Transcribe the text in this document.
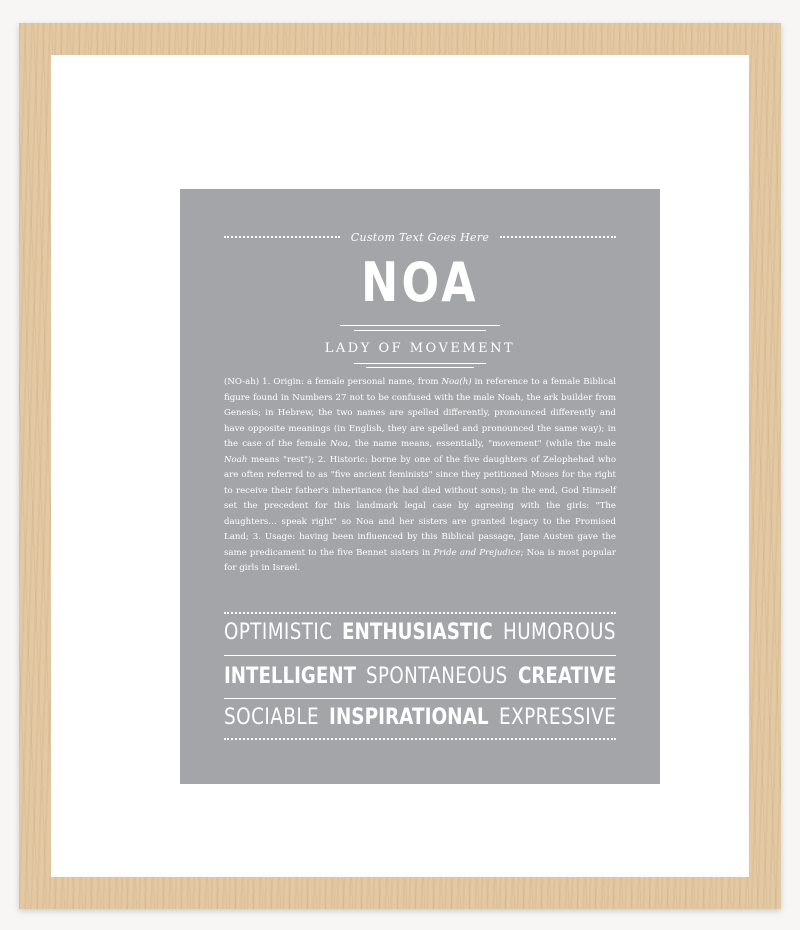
Custom Text Goes Here
NOA
LADY OF MOVEMENT
(NO-ah) 1. Origin: a female personal name, from Noa(h) in reference to a female Biblical figure found in Numbers 27 not to be confused with the male Noah, the ark builder from Genesis; in Hebrew, the two names are spelled differently, pronounced differently and have opposite meanings (in English, they are spelled and pronounced the same way); in the case of the female Noa, the name means, essentially, "movement" (while the male Noah means "rest"); 2. Historic: borne by one of the five daughters of Zelophehad who are often referred to as "five ancient feminists" since they petitioned Moses for the right to receive their father's inheritance (he had died without sons); in the end, God Himself set the precedent for this landmark legal case by agreeing with the girls: "The daughters… speak right" so Noa and her sisters are granted legacy to the Promised Land; 3. Usage: having been influenced by this Biblical passage, Jane Austen gave the same predicament to the five Bennet sisters in Pride and Prejudice; Noa is most popular for girls in Israel.
OPTIMISTIC ENTHUSIASTIC HUMOROUS
INTELLIGENT SPONTANEOUS CREATIVE
SOCIABLE INSPIRATIONAL EXPRESSIVE
